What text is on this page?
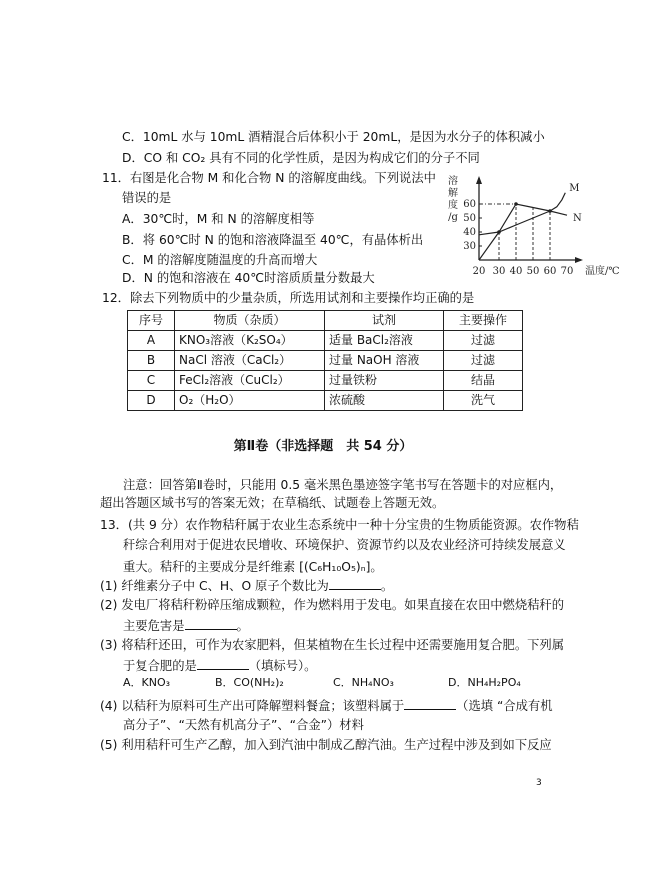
C．10mL 水与 10mL 酒精混合后体积小于 20mL，是因为水分子的体积减小
D．CO 和 CO₂ 具有不同的化学性质，是因为构成它们的分子不同
11．右图是化合物 M 和化合物 N 的溶解度曲线。下列说法中
错误的是
A．30℃时，M 和 N 的溶解度相等
B．将 60℃时 N 的饱和溶液降温至 40℃，有晶体析出
C．M 的溶解度随温度的升高而增大
D．N 的饱和溶液在 40℃时溶质质量分数最大
溶
解
度
/g
30
40
50
60
20 30 40 50 60 70 温度/℃
M
N
12．除去下列物质中的少量杂质，所选用试剂和主要操作均正确的是
序号	物质（杂质）	试剂	主要操作
A	KNO₃溶液（K₂SO₄）	适量 BaCl₂溶液	过滤
B	NaCl 溶液（CaCl₂）	过量 NaOH 溶液	过滤
C	FeCl₂溶液（CuCl₂）	过量铁粉	结晶
D	O₂（H₂O）	浓硫酸	洗气
第Ⅱ卷（非选择题　共 54 分）
注意：回答第Ⅱ卷时，只能用 0.5 毫米黑色墨迹签字笔书写在答题卡的对应框内，
超出答题区域书写的答案无效；在草稿纸、试题卷上答题无效。
13．(共 9 分）农作物秸秆属于农业生态系统中一种十分宝贵的生物质能资源。农作物秸
秆综合利用对于促进农民增收、环境保护、资源节约以及农业经济可持续发展意义
重大。秸秆的主要成分是纤维素 [(C₆H₁₀O₅)ₙ]。
(1) 纤维素分子中 C、H、O 原子个数比为	。
(2) 发电厂将秸秆粉碎压缩成颗粒，作为燃料用于发电。如果直接在农田中燃烧秸秆的
主要危害是	。
(3) 将秸秆还田，可作为农家肥料，但某植物在生长过程中还需要施用复合肥。下列属
于复合肥的是	（填标号）。
A．KNO₃	B．CO(NH₂)₂	C．NH₄NO₃	D．NH₄H₂PO₄
(4) 以秸秆为原料可生产出可降解塑料餐盒；该塑料属于	（选填 “合成有机
高分子”、“天然有机高分子”、“合金”）材料
(5) 利用秸秆可生产乙醇，加入到汽油中制成乙醇汽油。生产过程中涉及到如下反应
3
